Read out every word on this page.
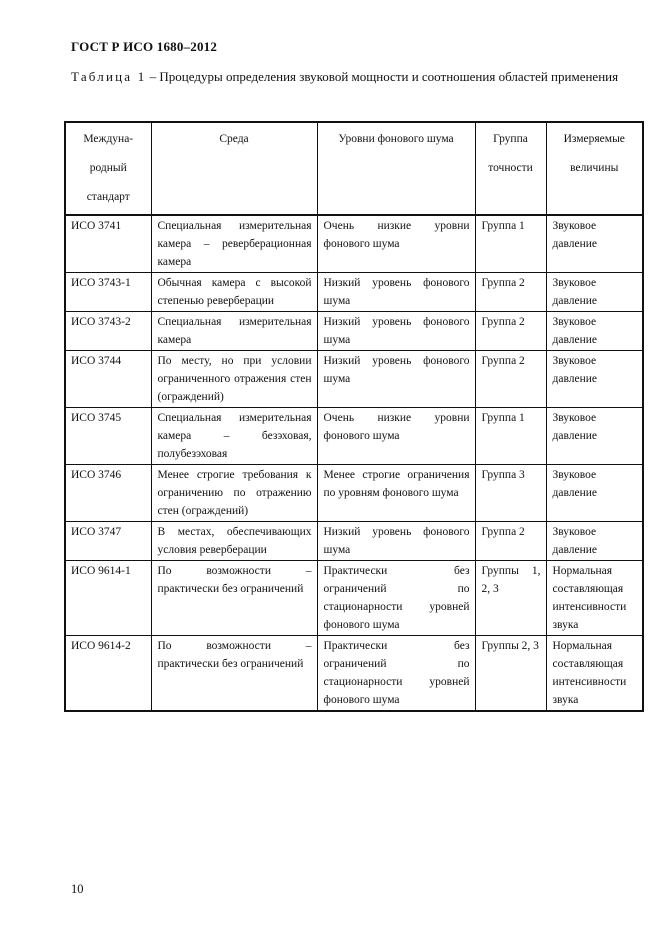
ГОСТ Р ИСО 1680–2012
Таблица 1 – Процедуры определения звуковой мощности и соотношения областей применения
Междуна-родный стандарт	Среда	Уровни фонового шума	Группа точности	Измеряемые величины
ИСО 3741	Специальная измерительная камера – реверберационная камера	Очень низкие уровни фонового шума	Группа 1	Звуковое давление
ИСО 3743-1	Обычная камера с высокой степенью реверберации	Низкий уровень фонового шума	Группа 2	Звуковое давление
ИСО 3743-2	Специальная измерительная камера	Низкий уровень фонового шума	Группа 2	Звуковое давление
ИСО 3744	По месту, но при условии ограниченного отражения стен (ограждений)	Низкий уровень фонового шума	Группа 2	Звуковое давление
ИСО 3745	Специальная измерительная камера – безэховая, полубезэховая	Очень низкие уровни фонового шума	Группа 1	Звуковое давление
ИСО 3746	Менее строгие требования к ограничению по отражению стен (ограждений)	Менее строгие ограничения по уровням фонового шума	Группа 3	Звуковое давление
ИСО 3747	В местах, обеспечивающих условия реверберации	Низкий уровень фонового шума	Группа 2	Звуковое давление
ИСО 9614-1	По возможности – практически без ограничений	Практически без ограничений по стационарности уровней фонового шума	Группы 1, 2, 3	Нормальная составляющая интенсивности звука
ИСО 9614-2	По возможности – практически без ограничений	Практически без ограничений по стационарности уровней фонового шума	Группы 2, 3	Нормальная составляющая интенсивности звука
10
